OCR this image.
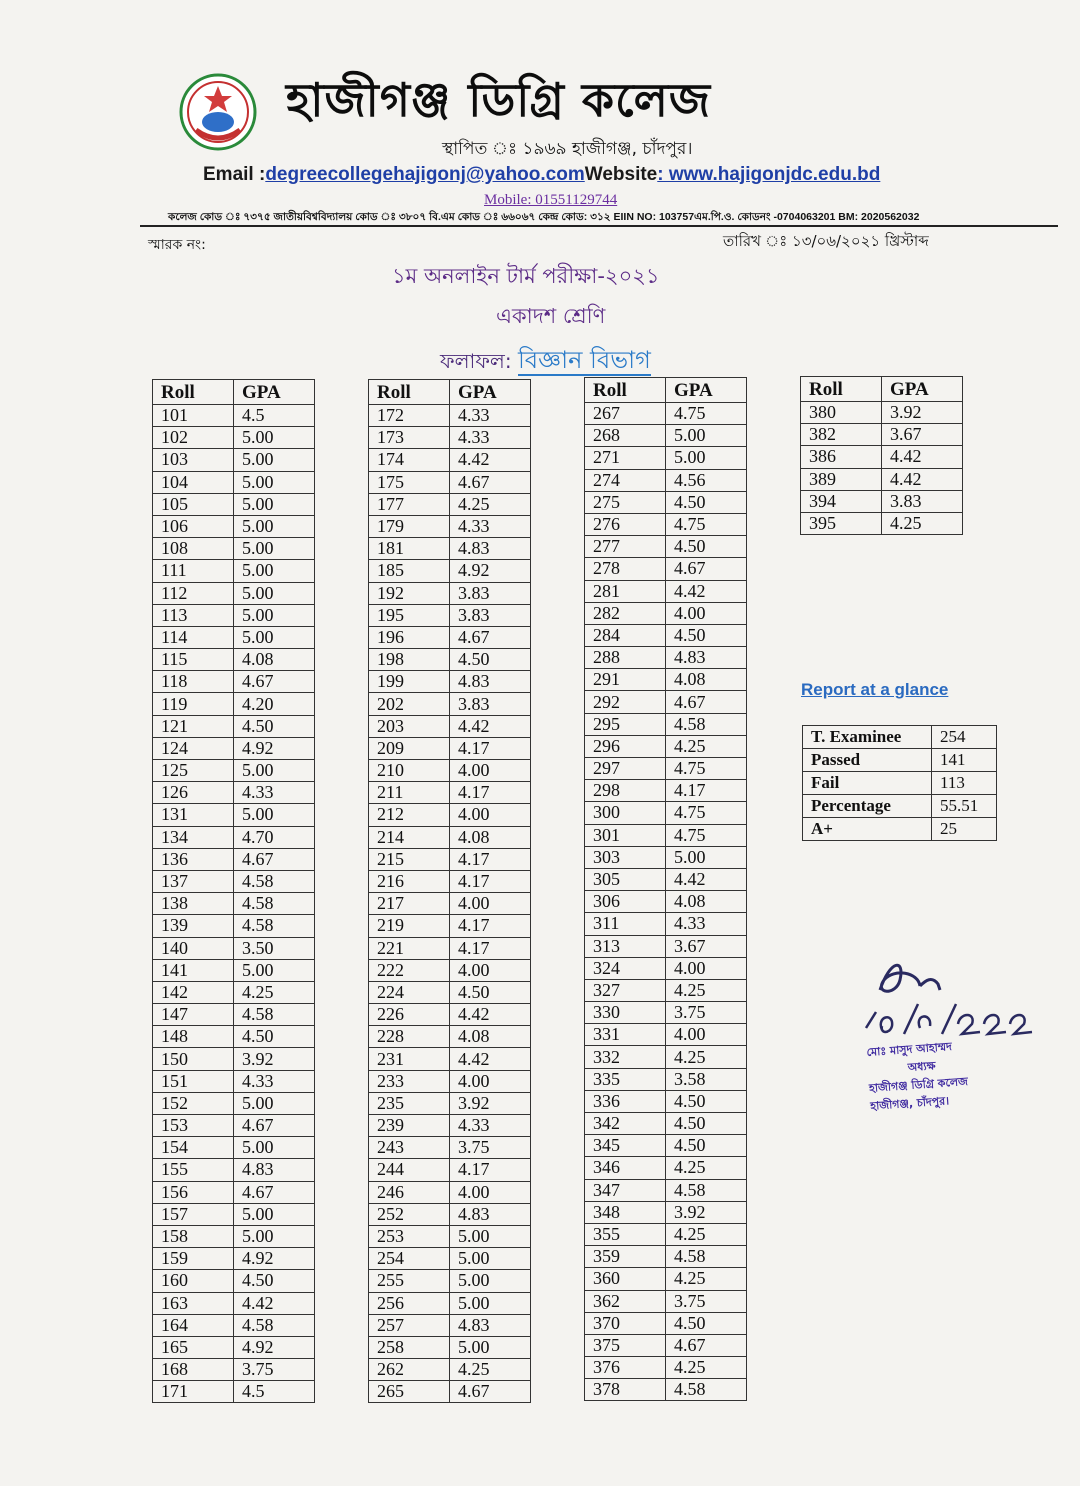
হাজীগঞ্জ ডিগ্রি কলেজ
স্থাপিত ঃ ১৯৬৯ হাজীগঞ্জ, চাঁদপুর।
Email :degreecollegehajigonj@yahoo.comWebsite: www.hajigonjdc.edu.bd
Mobile: 01551129744
কলেজ কোড ঃ ৭৩৭৫ জাতীয়বিশ্ববিদ্যালয় কোড ঃ ৩৮০৭ বি.এম কোড ঃ ৬৬০৬৭ কেন্দ্র কোড: ৩১২ EIIN NO: 103757এম.পি.ও. কোডনং -0704063201 BM: 2020562032
স্মারক নং:	তারিখ ঃ ১৩/০৬/২০২১ খ্রিস্টাব্দ
১ম অনলাইন টার্ম পরীক্ষা-২০২১
একাদশ শ্রেণি
ফলাফল: বিজ্ঞান বিভাগ
Roll	GPA
101	4.5
102	5.00
103	5.00
104	5.00
105	5.00
106	5.00
108	5.00
111	5.00
112	5.00
113	5.00
114	5.00
115	4.08
118	4.67
119	4.20
121	4.50
124	4.92
125	5.00
126	4.33
131	5.00
134	4.70
136	4.67
137	4.58
138	4.58
139	4.58
140	3.50
141	5.00
142	4.25
147	4.58
148	4.50
150	3.92
151	4.33
152	5.00
153	4.67
154	5.00
155	4.83
156	4.67
157	5.00
158	5.00
159	4.92
160	4.50
163	4.42
164	4.58
165	4.92
168	3.75
171	4.5
Roll	GPA
172	4.33
173	4.33
174	4.42
175	4.67
177	4.25
179	4.33
181	4.83
185	4.92
192	3.83
195	3.83
196	4.67
198	4.50
199	4.83
202	3.83
203	4.42
209	4.17
210	4.00
211	4.17
212	4.00
214	4.08
215	4.17
216	4.17
217	4.00
219	4.17
221	4.17
222	4.00
224	4.50
226	4.42
228	4.08
231	4.42
233	4.00
235	3.92
239	4.33
243	3.75
244	4.17
246	4.00
252	4.83
253	5.00
254	5.00
255	5.00
256	5.00
257	4.83
258	5.00
262	4.25
265	4.67
Roll	GPA
267	4.75
268	5.00
271	5.00
274	4.56
275	4.50
276	4.75
277	4.50
278	4.67
281	4.42
282	4.00
284	4.50
288	4.83
291	4.08
292	4.67
295	4.58
296	4.25
297	4.75
298	4.17
300	4.75
301	4.75
303	5.00
305	4.42
306	4.08
311	4.33
313	3.67
324	4.00
327	4.25
330	3.75
331	4.00
332	4.25
335	3.58
336	4.50
342	4.50
345	4.50
346	4.25
347	4.58
348	3.92
355	4.25
359	4.58
360	4.25
362	3.75
370	4.50
375	4.67
376	4.25
378	4.58
Roll	GPA
380	3.92
382	3.67
386	4.42
389	4.42
394	3.83
395	4.25
Report at a glance
T. Examinee	254
Passed	141
Fail	113
Percentage	55.51
A+	25
মোঃ মাসুদ আহাম্মদ
অধ্যক্ষ
হাজীগঞ্জ ডিগ্রি কলেজ
হাজীগঞ্জ, চাঁদপুর।
